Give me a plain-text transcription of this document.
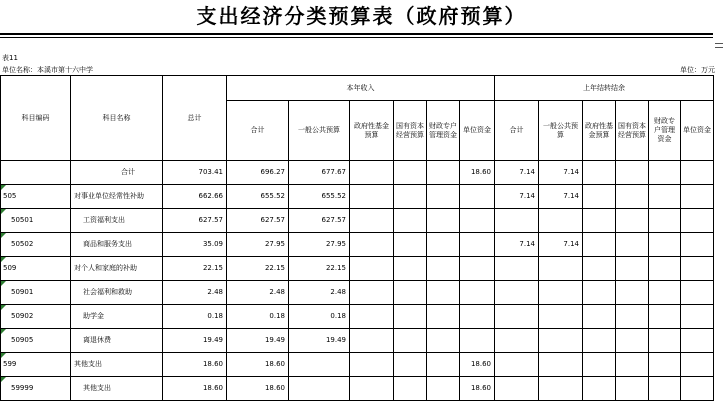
支出经济分类预算表（政府预算）
表11
单位名称：本溪市第十六中学	单位：万元
科目编码	科目名称	总计	本年收入						上年结转结余					
			合计	一般公共预算	政府性基金预算	国有资本经营预算	财政专户管理资金	单位资金	合计	一般公共预算	政府性基金预算	国有资本经营预算	财政专户管理资金	单位资金
	合计	703.41	696.27	677.67				18.60	7.14	7.14				

505	对事业单位经常性补助	662.66	655.52	655.52					7.14	7.14				

50501	工资福利支出	627.57	627.57	627.57										

50502	商品和服务支出	35.09	27.95	27.95					7.14	7.14				

509	对个人和家庭的补助	22.15	22.15	22.15										

50901	社会福利和救助	2.48	2.48	2.48										

50902	助学金	0.18	0.18	0.18										

50905	离退休费	19.49	19.49	19.49										

599	其他支出	18.60	18.60					18.60						

59999	其他支出	18.60	18.60					18.60						
